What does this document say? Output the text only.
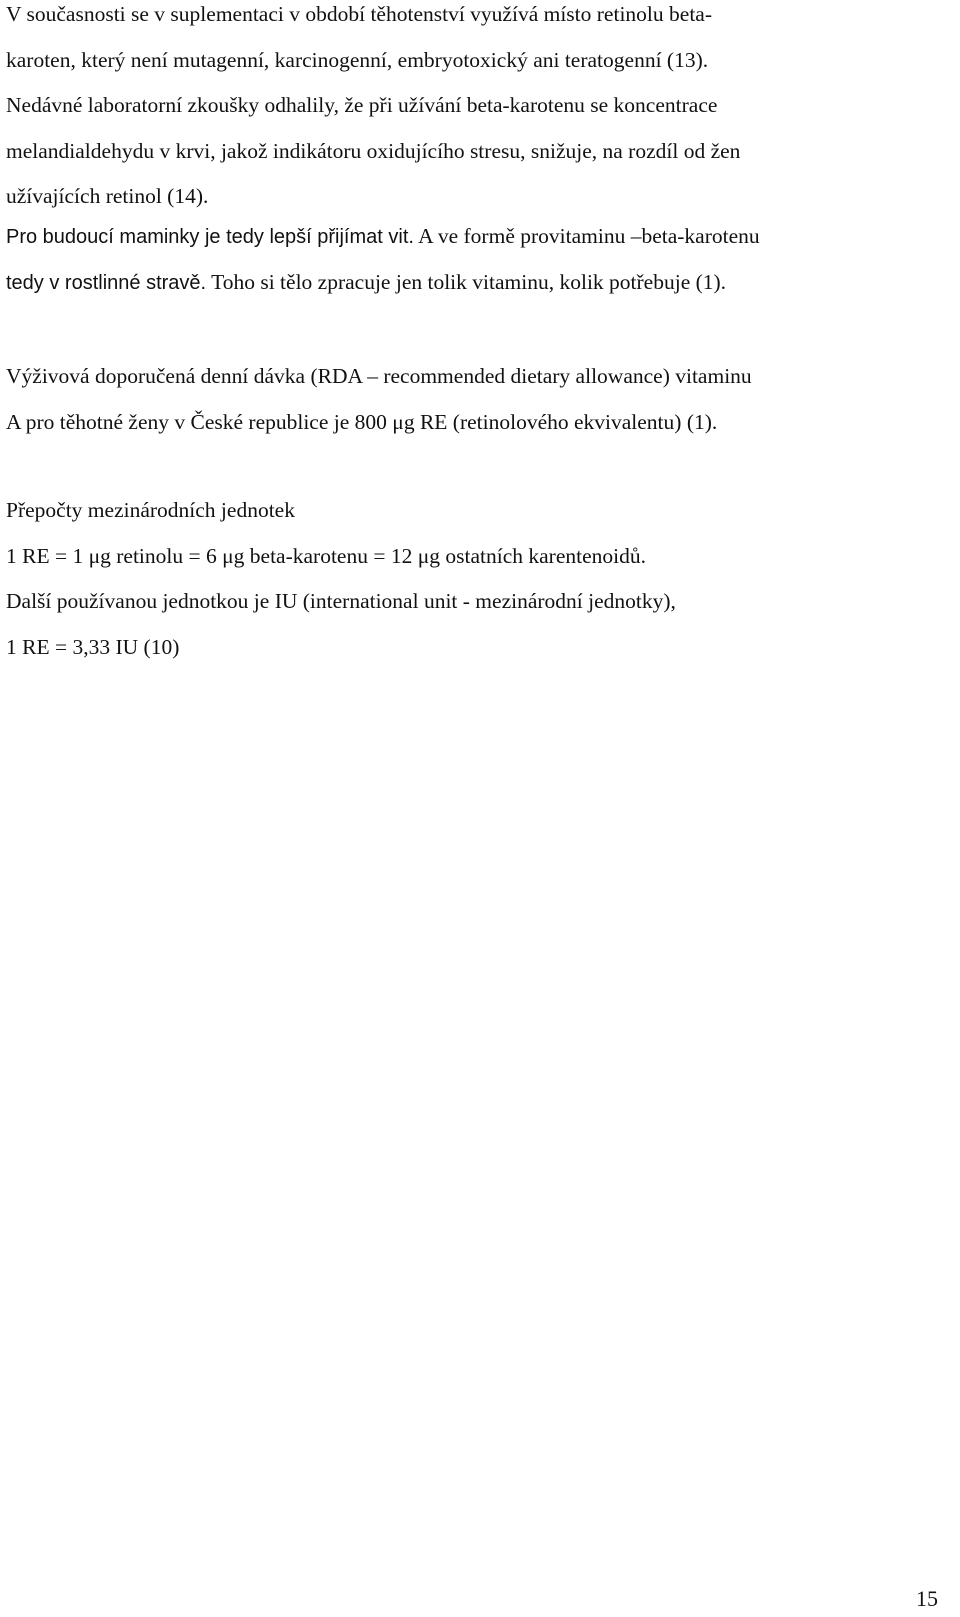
V současnosti se v suplementaci v období těhotenství využívá místo retinolu beta-
karoten, který není mutagenní, karcinogenní, embryotoxický ani teratogenní (13).
Nedávné laboratorní zkoušky odhalily, že při užívání beta-karotenu se koncentrace
melandialdehydu v krvi, jakož indikátoru oxidujícího stresu, snižuje, na rozdíl od žen
užívajících retinol (14).
Pro budoucí maminky je tedy lepší přijímat vit. A ve formě provitaminu –beta-karotenu
tedy v rostlinné stravě. Toho si tělo zpracuje jen tolik vitaminu, kolik potřebuje (1).
Výživová doporučená denní dávka (RDA – recommended dietary allowance) vitaminu
A pro těhotné ženy v České republice je 800 μg RE (retinolového ekvivalentu) (1).
Přepočty mezinárodních jednotek
1 RE = 1 μg retinolu = 6 μg beta-karotenu = 12 μg ostatních karentenoidů.
Další používanou jednotkou je IU (international unit - mezinárodní jednotky),
1 RE = 3,33 IU (10)
15
